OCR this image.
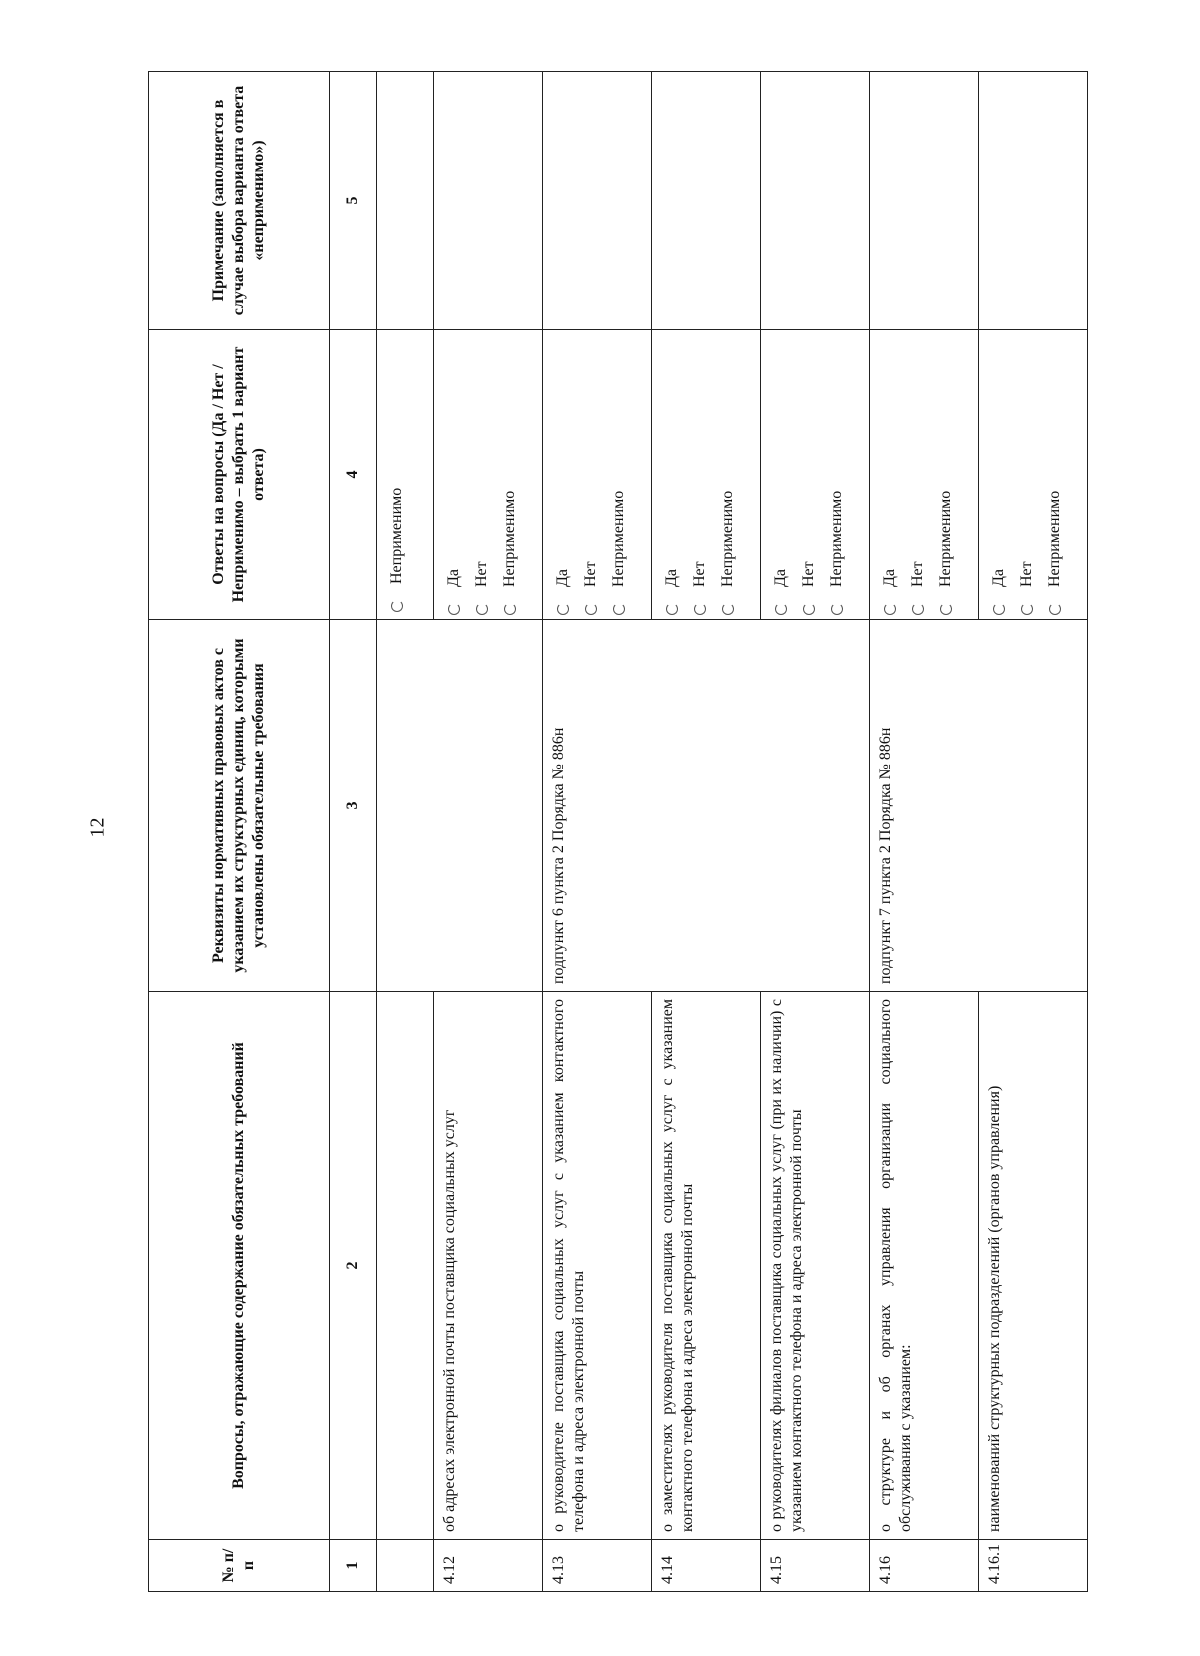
12
№ п/п	Вопросы, отражающие содержание обязательных требований	Реквизиты нормативных правовых актов с указанием их структурных единиц, которыми установлены обязательные требования	Ответы на вопросы (Да / Нет / Неприменимо – выбрать 1 вариант ответа)	Примечание (заполняется в случае выбора варианта ответа «неприменимо»)
1	2	3	4	5

			Неприменимо	

4.12	об адресах электронной почты поставщика социальных услуг		Да Нет Неприменимо	

4.13	о руководителе поставщика социальных услуг с указанием контактного телефона и адреса электронной почты	подпункт 6 пункта 2 Порядка № 886н	Да Нет Неприменимо	

4.14	о заместителях руководителя поставщика социальных услуг с указанием контактного телефона и адреса электронной почты		Да Нет Неприменимо	

4.15	о руководителях филиалов поставщика социальных услуг (при их наличии) с указанием контактного телефона и адреса электронной почты		Да Нет Неприменимо	

4.16	о структуре и об органах управления организации социального обслуживания с указанием:	подпункт 7 пункта 2 Порядка № 886н	Да Нет Неприменимо	

4.16.1	наименований структурных подразделений (органов управления)		Да Нет Неприменимо	
